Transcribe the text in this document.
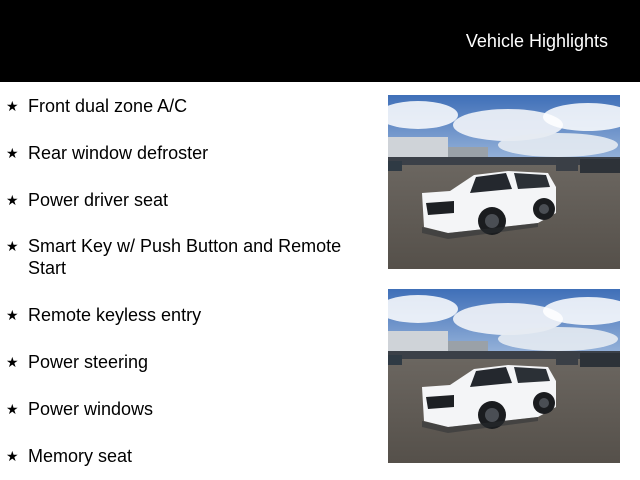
Vehicle Highlights
★ Front dual zone A/C
★ Rear window defroster
★ Power driver seat
★ Smart Key w/ Push Button and Remote Start
★ Remote keyless entry
★ Power steering
★ Power windows
★ Memory seat
